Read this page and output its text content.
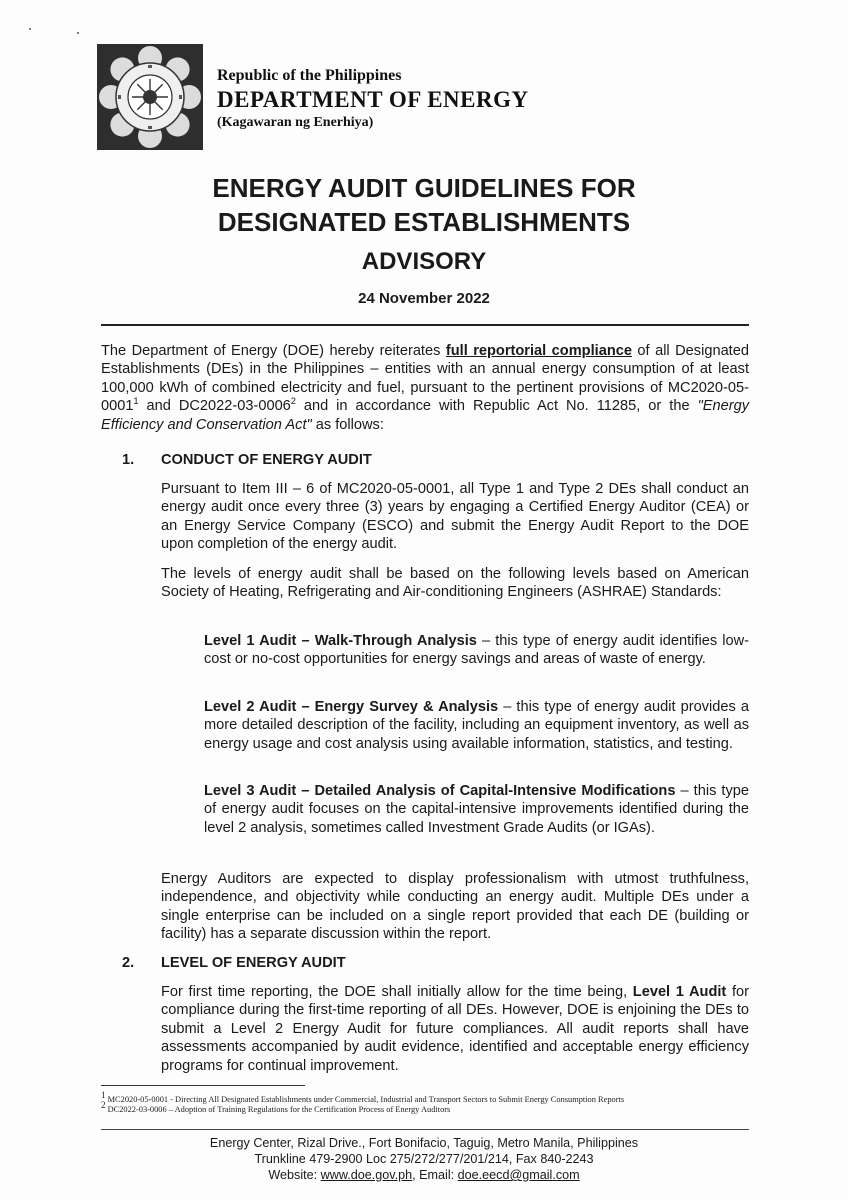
Republic of the Philippines
DEPARTMENT OF ENERGY
(Kagawaran ng Enerhiya)
ENERGY AUDIT GUIDELINES FOR
DESIGNATED ESTABLISHMENTS
ADVISORY
24 November 2022
The Department of Energy (DOE) hereby reiterates full reportorial compliance of all Designated Establishments (DEs) in the Philippines – entities with an annual energy consumption of at least 100,000 kWh of combined electricity and fuel, pursuant to the pertinent provisions of MC2020-05-0001$^1$ and DC2022-03-0006$^2$ and in accordance with Republic Act No. 11285, or the "Energy Efficiency and Conservation Act" as follows:
1. CONDUCT OF ENERGY AUDIT
Pursuant to Item III – 6 of MC2020-05-0001, all Type 1 and Type 2 DEs shall conduct an energy audit once every three (3) years by engaging a Certified Energy Auditor (CEA) or an Energy Service Company (ESCO) and submit the Energy Audit Report to the DOE upon completion of the energy audit.
The levels of energy audit shall be based on the following levels based on American Society of Heating, Refrigerating and Air-conditioning Engineers (ASHRAE) Standards:
Level 1 Audit – Walk-Through Analysis – this type of energy audit identifies low-cost or no-cost opportunities for energy savings and areas of waste of energy.
Level 2 Audit – Energy Survey & Analysis – this type of energy audit provides a more detailed description of the facility, including an equipment inventory, as well as energy usage and cost analysis using available information, statistics, and testing.
Level 3 Audit – Detailed Analysis of Capital-Intensive Modifications – this type of energy audit focuses on the capital-intensive improvements identified during the level 2 analysis, sometimes called Investment Grade Audits (or IGAs).
Energy Auditors are expected to display professionalism with utmost truthfulness, independence, and objectivity while conducting an energy audit. Multiple DEs under a single enterprise can be included on a single report provided that each DE (building or facility) has a separate discussion within the report.
2. LEVEL OF ENERGY AUDIT
For first time reporting, the DOE shall initially allow for the time being, Level 1 Audit for compliance during the first-time reporting of all DEs. However, DOE is enjoining the DEs to submit a Level 2 Energy Audit for future compliances. All audit reports shall have assessments accompanied by audit evidence, identified and acceptable energy efficiency programs for continual improvement.
$^1$ MC2020-05-0001 - Directing All Designated Establishments under Commercial, Industrial and Transport Sectors to Submit Energy Consumption Reports
$^2$ DC2022-03-0006 – Adoption of Training Regulations for the Certification Process of Energy Auditors
Energy Center, Rizal Drive., Fort Bonifacio, Taguig, Metro Manila, Philippines
Trunkline 479-2900 Loc 275/272/277/201/214, Fax 840-2243
Website: www.doe.gov.ph, Email: doe.eecd@gmail.com
